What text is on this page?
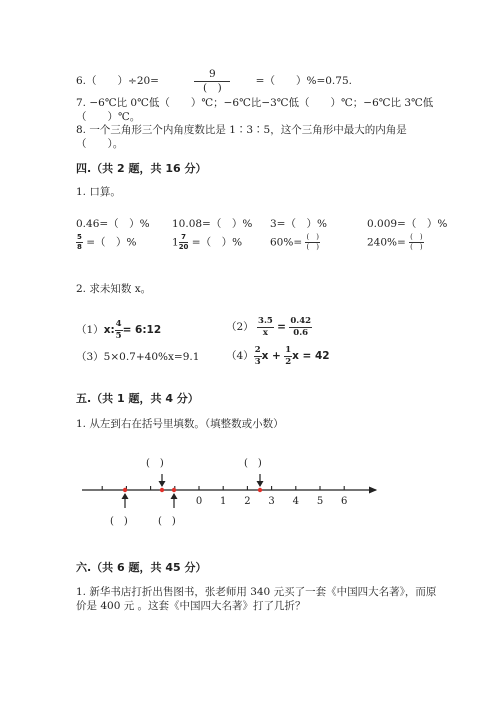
6.（　　）÷20=	$\frac{9}{( )}$ =（　　）%=0.75.
7. −6℃比 0℃低（　　）℃；−6℃比−3℃低（　　）℃；−6℃比 3℃低
（　　）℃。
8. 一个三角形三个内角度数比是 1∶3∶5，这个三角形中最大的内角是
（　　）。
四.（共 2 题，共 16 分）
1. 口算。
0.46=（　）% 10.08=（　）% 3=（　）%	0.009=（　）%
$\frac{5}{8}$ =（　）%	$1 \frac{7}{20}$ =（　）%	$60\%= \frac{( )}{( )}$	$240\%= \frac{( )}{( )}$
2. 求未知数 x。
（1）x: $\frac{4}{5}$ = 6:12	$(2) \frac{3.5}{x} = \frac{0.42}{0.6}$
（3）5×0.7+40%x=9.1	$(4) \frac{2}{3}$ $x + \frac{1}{2}$ x = 42
五.（共 1 题，共 4 分）
1. 从左到右在括号里填数。（填整数或小数）
0 1 2 3 4 5 6
(　)	(　)
(　)	(　)
六.（共 6 题，共 45 分）
1. 新华书店打折出售图书，张老师用 340 元买了一套《中国四大名著》，而原
价是 400 元 。这套《中国四大名著》打了几折？
